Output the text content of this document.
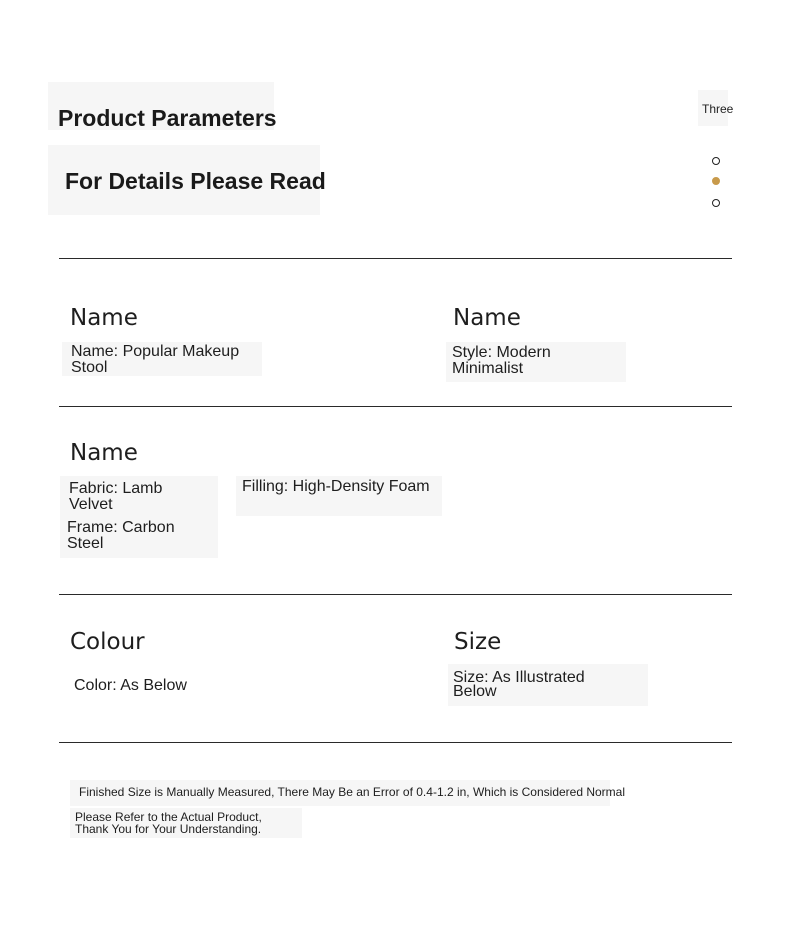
Product Parameters
For Details Please Read
Three
Name
Name: Popular Makeup Stool
Name
Style: Modern Minimalist
Name
Fabric: Lamb Velvet
Frame: Carbon Steel
Filling: High-Density Foam
Colour
Color: As Below
Size
Size: As Illustrated Below
Finished Size is Manually Measured, There May Be an Error of 0.4-1.2 in, Which is Considered Normal
Please Refer to the Actual Product,
Thank You for Your Understanding.
